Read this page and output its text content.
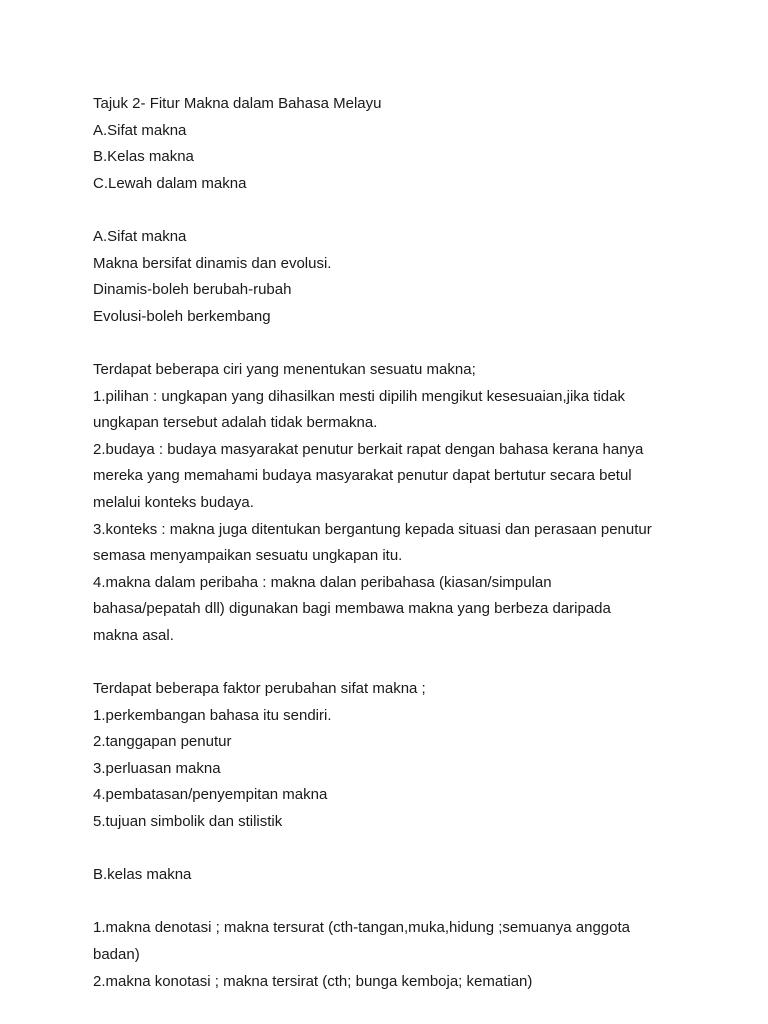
Tajuk 2- Fitur Makna dalam Bahasa Melayu
A.Sifat makna
B.Kelas makna
C.Lewah dalam makna
A.Sifat makna
Makna bersifat dinamis dan evolusi.
Dinamis-boleh berubah-rubah
Evolusi-boleh berkembang
Terdapat beberapa ciri yang menentukan sesuatu makna;
1.pilihan : ungkapan yang dihasilkan mesti dipilih mengikut kesesuaian,jika tidak
ungkapan tersebut adalah tidak bermakna.
2.budaya : budaya masyarakat penutur berkait rapat dengan bahasa kerana hanya
mereka yang memahami budaya masyarakat penutur dapat bertutur secara betul
melalui konteks budaya.
3.konteks : makna juga ditentukan bergantung kepada situasi dan perasaan penutur
semasa menyampaikan sesuatu ungkapan itu.
4.makna dalam peribaha : makna dalan peribahasa (kiasan/simpulan
bahasa/pepatah dll) digunakan bagi membawa makna yang berbeza daripada
makna asal.
Terdapat beberapa faktor perubahan sifat makna ;
1.perkembangan bahasa itu sendiri.
2.tanggapan penutur
3.perluasan makna
4.pembatasan/penyempitan makna
5.tujuan simbolik dan stilistik
B.kelas makna
1.makna denotasi ; makna tersurat (cth-tangan,muka,hidung ;semuanya anggota
badan)
2.makna konotasi ; makna tersirat (cth; bunga kemboja; kematian)
